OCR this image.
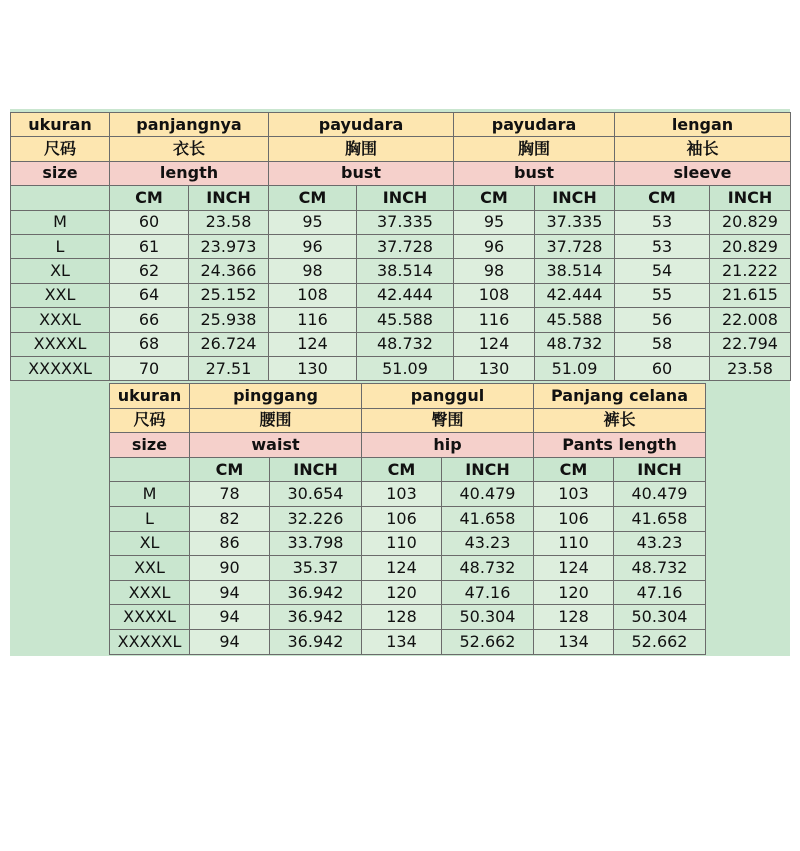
ukuran	panjangnya		payudara		payudara		lengan	
尺码	衣长		胸围		胸围		袖长	
size	length		bust		bust		sleeve	
	CM	INCH	CM	INCH	CM	INCH	CM	INCH
M	60	23.58	95	37.335	95	37.335	53	20.829
L	61	23.973	96	37.728	96	37.728	53	20.829
XL	62	24.366	98	38.514	98	38.514	54	21.222
XXL	64	25.152	108	42.444	108	42.444	55	21.615
XXXL	66	25.938	116	45.588	116	45.588	56	22.008
XXXXL	68	26.724	124	48.732	124	48.732	58	22.794
XXXXXL	70	27.51	130	51.09	130	51.09	60	23.58
ukuran	pinggang		panggul		Panjang celana	
尺码	腰围		臀围		裤长	
size	waist		hip		Pants length	
	CM	INCH	CM	INCH	CM	INCH
M	78	30.654	103	40.479	103	40.479
L	82	32.226	106	41.658	106	41.658
XL	86	33.798	110	43.23	110	43.23
XXL	90	35.37	124	48.732	124	48.732
XXXL	94	36.942	120	47.16	120	47.16
XXXXL	94	36.942	128	50.304	128	50.304
XXXXXL	94	36.942	134	52.662	134	52.662
